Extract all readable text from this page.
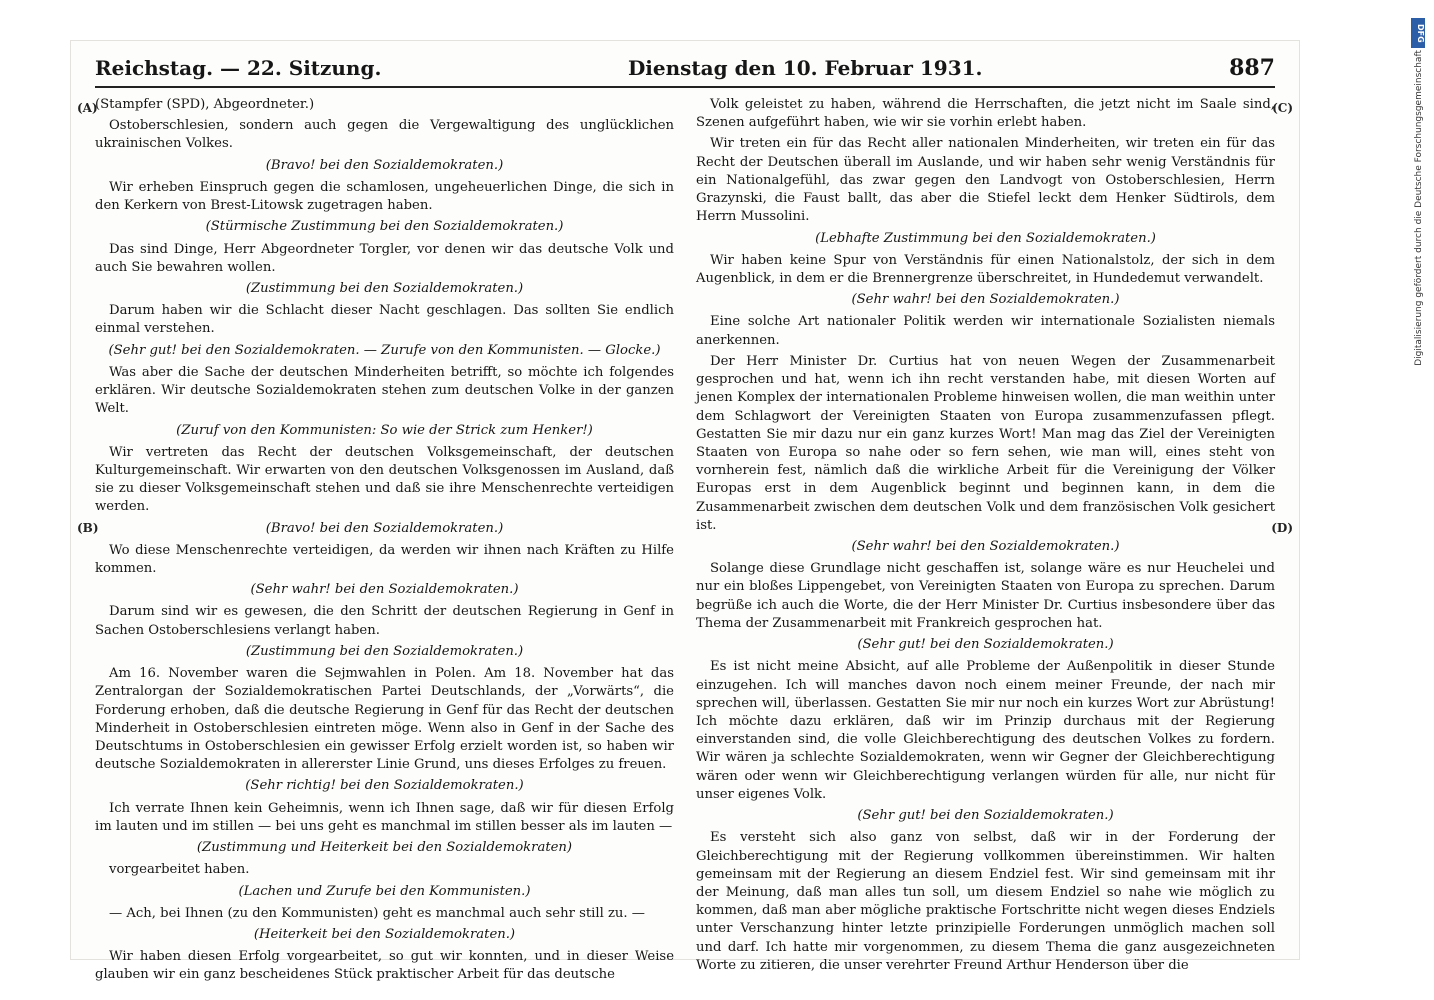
Reichstag. — 22. Sitzung.	Dienstag den 10. Februar 1931.	887

(Stampfer (SPD), Abgeordneter.)

Ostoberschlesien, sondern auch gegen die Vergewaltigung des unglücklichen ukrainischen Volkes.

(Bravo! bei den Sozialdemokraten.)

Wir erheben Einspruch gegen die schamlosen, ungeheuerlichen Dinge, die sich in den Kerkern von Brest-Litowsk zugetragen haben.

(Stürmische Zustimmung bei den Sozialdemokraten.)

Das sind Dinge, Herr Abgeordneter Torgler, vor denen wir das deutsche Volk und auch Sie bewahren wollen.

(Zustimmung bei den Sozialdemokraten.)

Darum haben wir die Schlacht dieser Nacht geschlagen. Das sollten Sie endlich einmal verstehen.

(Sehr gut! bei den Sozialdemokraten. — Zurufe von den Kommunisten. — Glocke.)

Was aber die Sache der deutschen Minderheiten betrifft, so möchte ich folgendes erklären. Wir deutsche Sozialdemokraten stehen zum deutschen Volke in der ganzen Welt.

(Zuruf von den Kommunisten: So wie der Strick zum Henker!)

Wir vertreten das Recht der deutschen Volksgemeinschaft, der deutschen Kulturgemeinschaft. Wir erwarten von den deutschen Volksgenossen im Ausland, daß sie zu dieser Volksgemeinschaft stehen und daß sie ihre Menschenrechte verteidigen werden.

(Bravo! bei den Sozialdemokraten.)

Wo diese Menschenrechte verteidigen, da werden wir ihnen nach Kräften zu Hilfe kommen.

(Sehr wahr! bei den Sozialdemokraten.)

Darum sind wir es gewesen, die den Schritt der deutschen Regierung in Genf in Sachen Ostoberschlesiens verlangt haben.

(Zustimmung bei den Sozialdemokraten.)

Am 16. November waren die Sejmwahlen in Polen. Am 18. November hat das Zentralorgan der Sozialdemokratischen Partei Deutschlands, der „Vorwärts“, die Forderung erhoben, daß die deutsche Regierung in Genf für das Recht der deutschen Minderheit in Ostoberschlesien eintreten möge. Wenn also in Genf in der Sache des Deutschtums in Ostoberschlesien ein gewisser Erfolg erzielt worden ist, so haben wir deutsche Sozialdemokraten in allererster Linie Grund, uns dieses Erfolges zu freuen.

(Sehr richtig! bei den Sozialdemokraten.)

Ich verrate Ihnen kein Geheimnis, wenn ich Ihnen sage, daß wir für diesen Erfolg im lauten und im stillen — bei uns geht es manchmal im stillen besser als im lauten —

(Zustimmung und Heiterkeit bei den Sozialdemokraten)

vorgearbeitet haben.

(Lachen und Zurufe bei den Kommunisten.)

— Ach, bei Ihnen (zu den Kommunisten) geht es manchmal auch sehr still zu. —

(Heiterkeit bei den Sozialdemokraten.)

Wir haben diesen Erfolg vorgearbeitet, so gut wir konnten, und in dieser Weise glauben wir ein ganz bescheidenes Stück praktischer Arbeit für das deutsche

Volk geleistet zu haben, während die Herrschaften, die jetzt nicht im Saale sind, Szenen aufgeführt haben, wie wir sie vorhin erlebt haben.

Wir treten ein für das Recht aller nationalen Minderheiten, wir treten ein für das Recht der Deutschen überall im Auslande, und wir haben sehr wenig Verständnis für ein Nationalgefühl, das zwar gegen den Landvogt von Ostoberschlesien, Herrn Grazynski, die Faust ballt, das aber die Stiefel leckt dem Henker Südtirols, dem Herrn Mussolini.

(Lebhafte Zustimmung bei den Sozialdemokraten.)

Wir haben keine Spur von Verständnis für einen Nationalstolz, der sich in dem Augenblick, in dem er die Brennergrenze überschreitet, in Hundedemut verwandelt.

(Sehr wahr! bei den Sozialdemokraten.)

Eine solche Art nationaler Politik werden wir internationale Sozialisten niemals anerkennen.

Der Herr Minister Dr. Curtius hat von neuen Wegen der Zusammenarbeit gesprochen und hat, wenn ich ihn recht verstanden habe, mit diesen Worten auf jenen Komplex der internationalen Probleme hinweisen wollen, die man weithin unter dem Schlagwort der Vereinigten Staaten von Europa zusammenzufassen pflegt. Gestatten Sie mir dazu nur ein ganz kurzes Wort! Man mag das Ziel der Vereinigten Staaten von Europa so nahe oder so fern sehen, wie man will, eines steht von vornherein fest, nämlich daß die wirkliche Arbeit für die Vereinigung der Völker Europas erst in dem Augenblick beginnt und beginnen kann, in dem die Zusammenarbeit zwischen dem deutschen Volk und dem französischen Volk gesichert ist.

(Sehr wahr! bei den Sozialdemokraten.)

Solange diese Grundlage nicht geschaffen ist, solange wäre es nur Heuchelei und nur ein bloßes Lippengebet, von Vereinigten Staaten von Europa zu sprechen. Darum begrüße ich auch die Worte, die der Herr Minister Dr. Curtius insbesondere über das Thema der Zusammenarbeit mit Frankreich gesprochen hat.

(Sehr gut! bei den Sozialdemokraten.)

Es ist nicht meine Absicht, auf alle Probleme der Außenpolitik in dieser Stunde einzugehen. Ich will manches davon noch einem meiner Freunde, der nach mir sprechen will, überlassen. Gestatten Sie mir nur noch ein kurzes Wort zur Abrüstung! Ich möchte dazu erklären, daß wir im Prinzip durchaus mit der Regierung einverstanden sind, die volle Gleichberechtigung des deutschen Volkes zu fordern. Wir wären ja schlechte Sozialdemokraten, wenn wir Gegner der Gleichberechtigung wären oder wenn wir Gleichberechtigung verlangen würden für alle, nur nicht für unser eigenes Volk.

(Sehr gut! bei den Sozialdemokraten.)

Es versteht sich also ganz von selbst, daß wir in der Forderung der Gleichberechtigung mit der Regierung vollkommen übereinstimmen. Wir halten gemeinsam mit der Regierung an diesem Endziel fest. Wir sind gemeinsam mit ihr der Meinung, daß man alles tun soll, um diesem Endziel so nahe wie möglich zu kommen, daß man aber mögliche praktische Fortschritte nicht wegen dieses Endziels unter Verschanzung hinter letzte prinzipielle Forderungen unmöglich machen soll und darf. Ich hatte mir vorgenommen, zu diesem Thema die ganz ausgezeichneten Worte zu zitieren, die unser verehrter Freund Arthur Henderson über die

(A)
(B)
(C)
(D)
DFG
Digitalisierung gefördert durch die Deutsche Forschungsgemeinschaft
